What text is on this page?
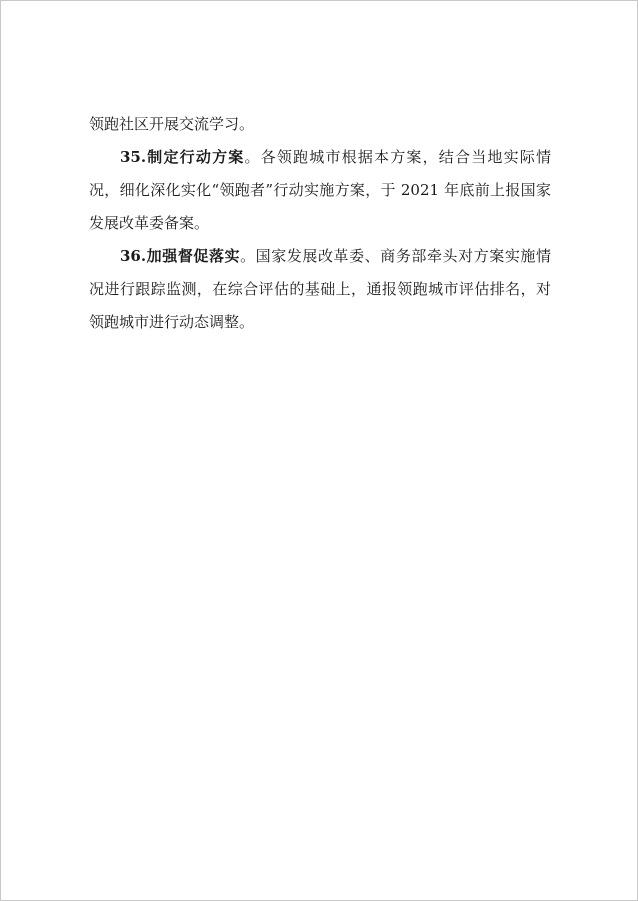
领跑社区开展交流学习。

35.制定行动方案。各领跑城市根据本方案，结合当地实际情况，细化深化实化“领跑者”行动实施方案，于 2021 年底前上报国家发展改革委备案。

36.加强督促落实。国家发展改革委、商务部牵头对方案实施情况进行跟踪监测，在综合评估的基础上，通报领跑城市评估排名，对领跑城市进行动态调整。
